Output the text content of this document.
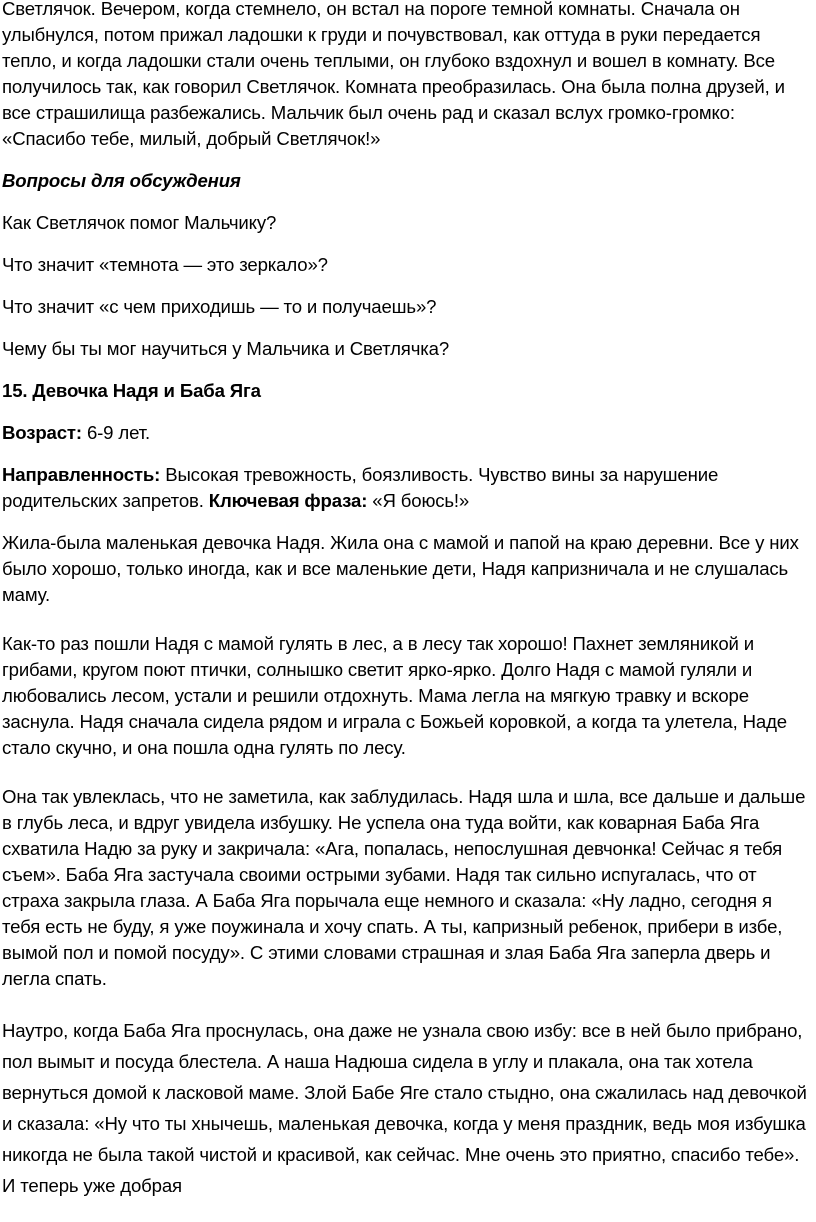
Светлячок. Вечером, когда стемнело, он встал на пороге темной комнаты. Сначала он улыбнулся, потом прижал ладошки к груди и почувствовал, как оттуда в руки передается тепло, и когда ладошки стали очень теплыми, он глубоко вздохнул и вошел в комнату. Все получилось так, как говорил Светлячок. Комната преобразилась. Она была полна друзей, и все страшилища разбежались. Мальчик был очень рад и сказал вслух громко-громко: «Спасибо тебе, милый, добрый Светлячок!»

Вопросы для обсуждения

Как Светлячок помог Мальчику?

Что значит «темнота — это зеркало»?

Что значит «с чем приходишь — то и получаешь»?

Чему бы ты мог научиться у Мальчика и Светлячка?

15. Девочка Надя и Баба Яга

Возраст: 6-9 лет.

Направленность: Высокая тревожность, боязливость. Чувство вины за нарушение родительских запретов. Ключевая фраза: «Я боюсь!»

Жила-была маленькая девочка Надя. Жила она с мамой и папой на краю деревни. Все у них было хорошо, только иногда, как и все маленькие дети, Надя капризничала и не слушалась маму.

Как-то раз пошли Надя с мамой гулять в лес, а в лесу так хорошо! Пахнет земляникой и грибами, кругом поют птички, солнышко светит ярко-ярко. Долго Надя с мамой гуляли и любовались лесом, устали и решили отдохнуть. Мама легла на мягкую травку и вскоре заснула. Надя сначала сидела рядом и играла с Божьей коровкой, а когда та улетела, Наде стало скучно, и она пошла одна гулять по лесу.

Она так увлеклась, что не заметила, как заблудилась. Надя шла и шла, все дальше и дальше в глубь леса, и вдруг увидела избушку. Не успела она туда войти, как коварная Баба Яга схватила Надю за руку и закричала: «Ага, попалась, непослушная девчонка! Сейчас я тебя съем». Баба Яга застучала своими острыми зубами. Надя так сильно испугалась, что от страха закрыла глаза. А Баба Яга порычала еще немного и сказала: «Ну ладно, сегодня я тебя есть не буду, я уже поужинала и хочу спать. А ты, капризный ребенок, прибери в избе, вымой пол и помой посуду». С этими словами страшная и злая Баба Яга заперла дверь и легла спать.

Наутро, когда Баба Яга проснулась, она даже не узнала свою избу: все в ней было прибрано, пол вымыт и посуда блестела. А наша Надюша сидела в углу и плакала, она так хотела вернуться домой к ласковой маме. Злой Бабе Яге стало стыдно, она сжалилась над девочкой и сказала: «Ну что ты хнычешь, маленькая девочка, когда у меня праздник, ведь моя избушка никогда не была такой чистой и красивой, как сейчас. Мне очень это приятно, спасибо тебе». И теперь уже добрая
